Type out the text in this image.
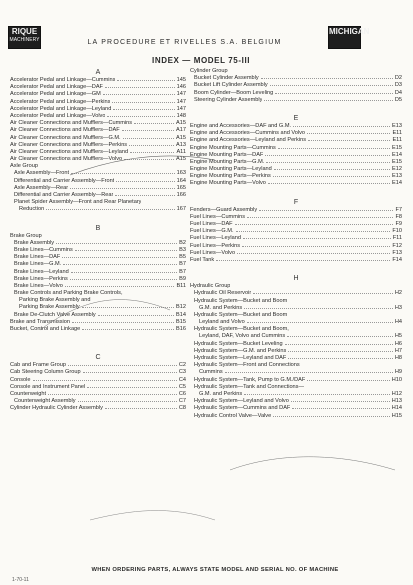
RIQUE
MACHINERY	LA PROCEDURE ET RIVELLES S.A. BELGIUM
MICHIGAN
INDEX — MODEL 75-III
A
Accelerator Pedal and Linkage—Cummins	145
Accelerator Pedal and Linkage—DAF	146
Accelerator Pedal and Linkage—GM	147
Accelerator Pedal and Linkage—Perkins	147
Accelerator Pedal and Linkage—Leyland	147
Accelerator Pedal and Linkage—Volvo	148
Air Cleaner Connections and Mufflers—Cummins	A15
Air Cleaner Connections and Mufflers—DAF	A17
Air Cleaner Connections and Mufflers—G.M.	A15
Air Cleaner Connections and Mufflers—Perkins	A13
Air Cleaner Connections and Mufflers—Leyland	A11
Air Cleaner Connections and Mufflers—Volvo	A15
Axle Group
Axle Assembly—Front	163
Differential and Carrier Assembly—Front	164
Axle Assembly—Rear	165
Differential and Carrier Assembly—Rear	166
Planet Spider Assembly—Front and Rear Planetary
Reduction	167
B
Brake Group
Brake Assembly	B2
Brake Lines—Cummins	B3
Brake Lines—DAF	B5
Brake Lines—G.M.	B7
Brake Lines—Leyland	B7
Brake Lines—Perkins	B9
Brake Lines—Volvo	B11
Brake Controls and Parking Brake Controls,
Parking Brake Assembly and
Parking Brake Assembly	B12
Brake De-Clutch Valve Assembly	B14
Brake and Transmission	B15
Bucket, Control and Linkage	B16
C
Cab and Frame Group	C2
Cab Steering Column Group	C3
Console	C4
Console and Instrument Panel	C5
Counterweight	C6
Counterweight Assembly	C7
Cylinder Hydraulic Cylinder Assembly	C8
Cylinder Group
Bucket Cylinder Assembly	D2
Bucket Lift Cylinder Assembly	D3
Boom Cylinder—Boom Leveling	D4
Steering Cylinder Assembly	D5
E
Engine and Accessories—DAF and G.M.	E13
Engine and Accessories—Cummins and Volvo	E11
Engine and Accessories—Leyland and Perkins	E11
Engine Mounting Parts—Cummins	E15
Engine Mounting Parts—DAF	E14
Engine Mounting Parts—G.M.	E15
Engine Mounting Parts—Leyland	E12
Engine Mounting Parts—Perkins	E13
Engine Mounting Parts—Volvo	E14
F
Fenders—Guard Assembly	F7
Fuel Lines—Cummins	F8
Fuel Lines—DAF	F9
Fuel Lines—G.M.	F10
Fuel Lines—Leyland	F11
Fuel Lines—Perkins	F12
Fuel Lines—Volvo	F13
Fuel Tank	F14
H
Hydraulic Group
Hydraulic Oil Reservoir	H2
Hydraulic System—Bucket and Boom
G.M. and Perkins	H3
Hydraulic System—Bucket and Boom
Leyland and Volvo	H4
Hydraulic System—Bucket and Boom,
Leyland, DAF, Volvo and Cummins	H5
Hydraulic System—Bucket Leveling	H6
Hydraulic System—G.M. and Perkins	H7
Hydraulic System—Leyland and DAF	H8
Hydraulic System—Front and Connections
Cummins	H9
Hydraulic System—Tank, Pump to G.M./DAF	H10
Hydraulic System—Tank and Connections—
G.M. and Perkins	H12
Hydraulic System—Leyland and Volvo	H13
Hydraulic System—Cummins and DAF	H14
Hydraulic Control Valve—Valve	H15
WHEN ORDERING PARTS, ALWAYS STATE MODEL AND SERIAL NO. OF MACHINE
1-70-11
